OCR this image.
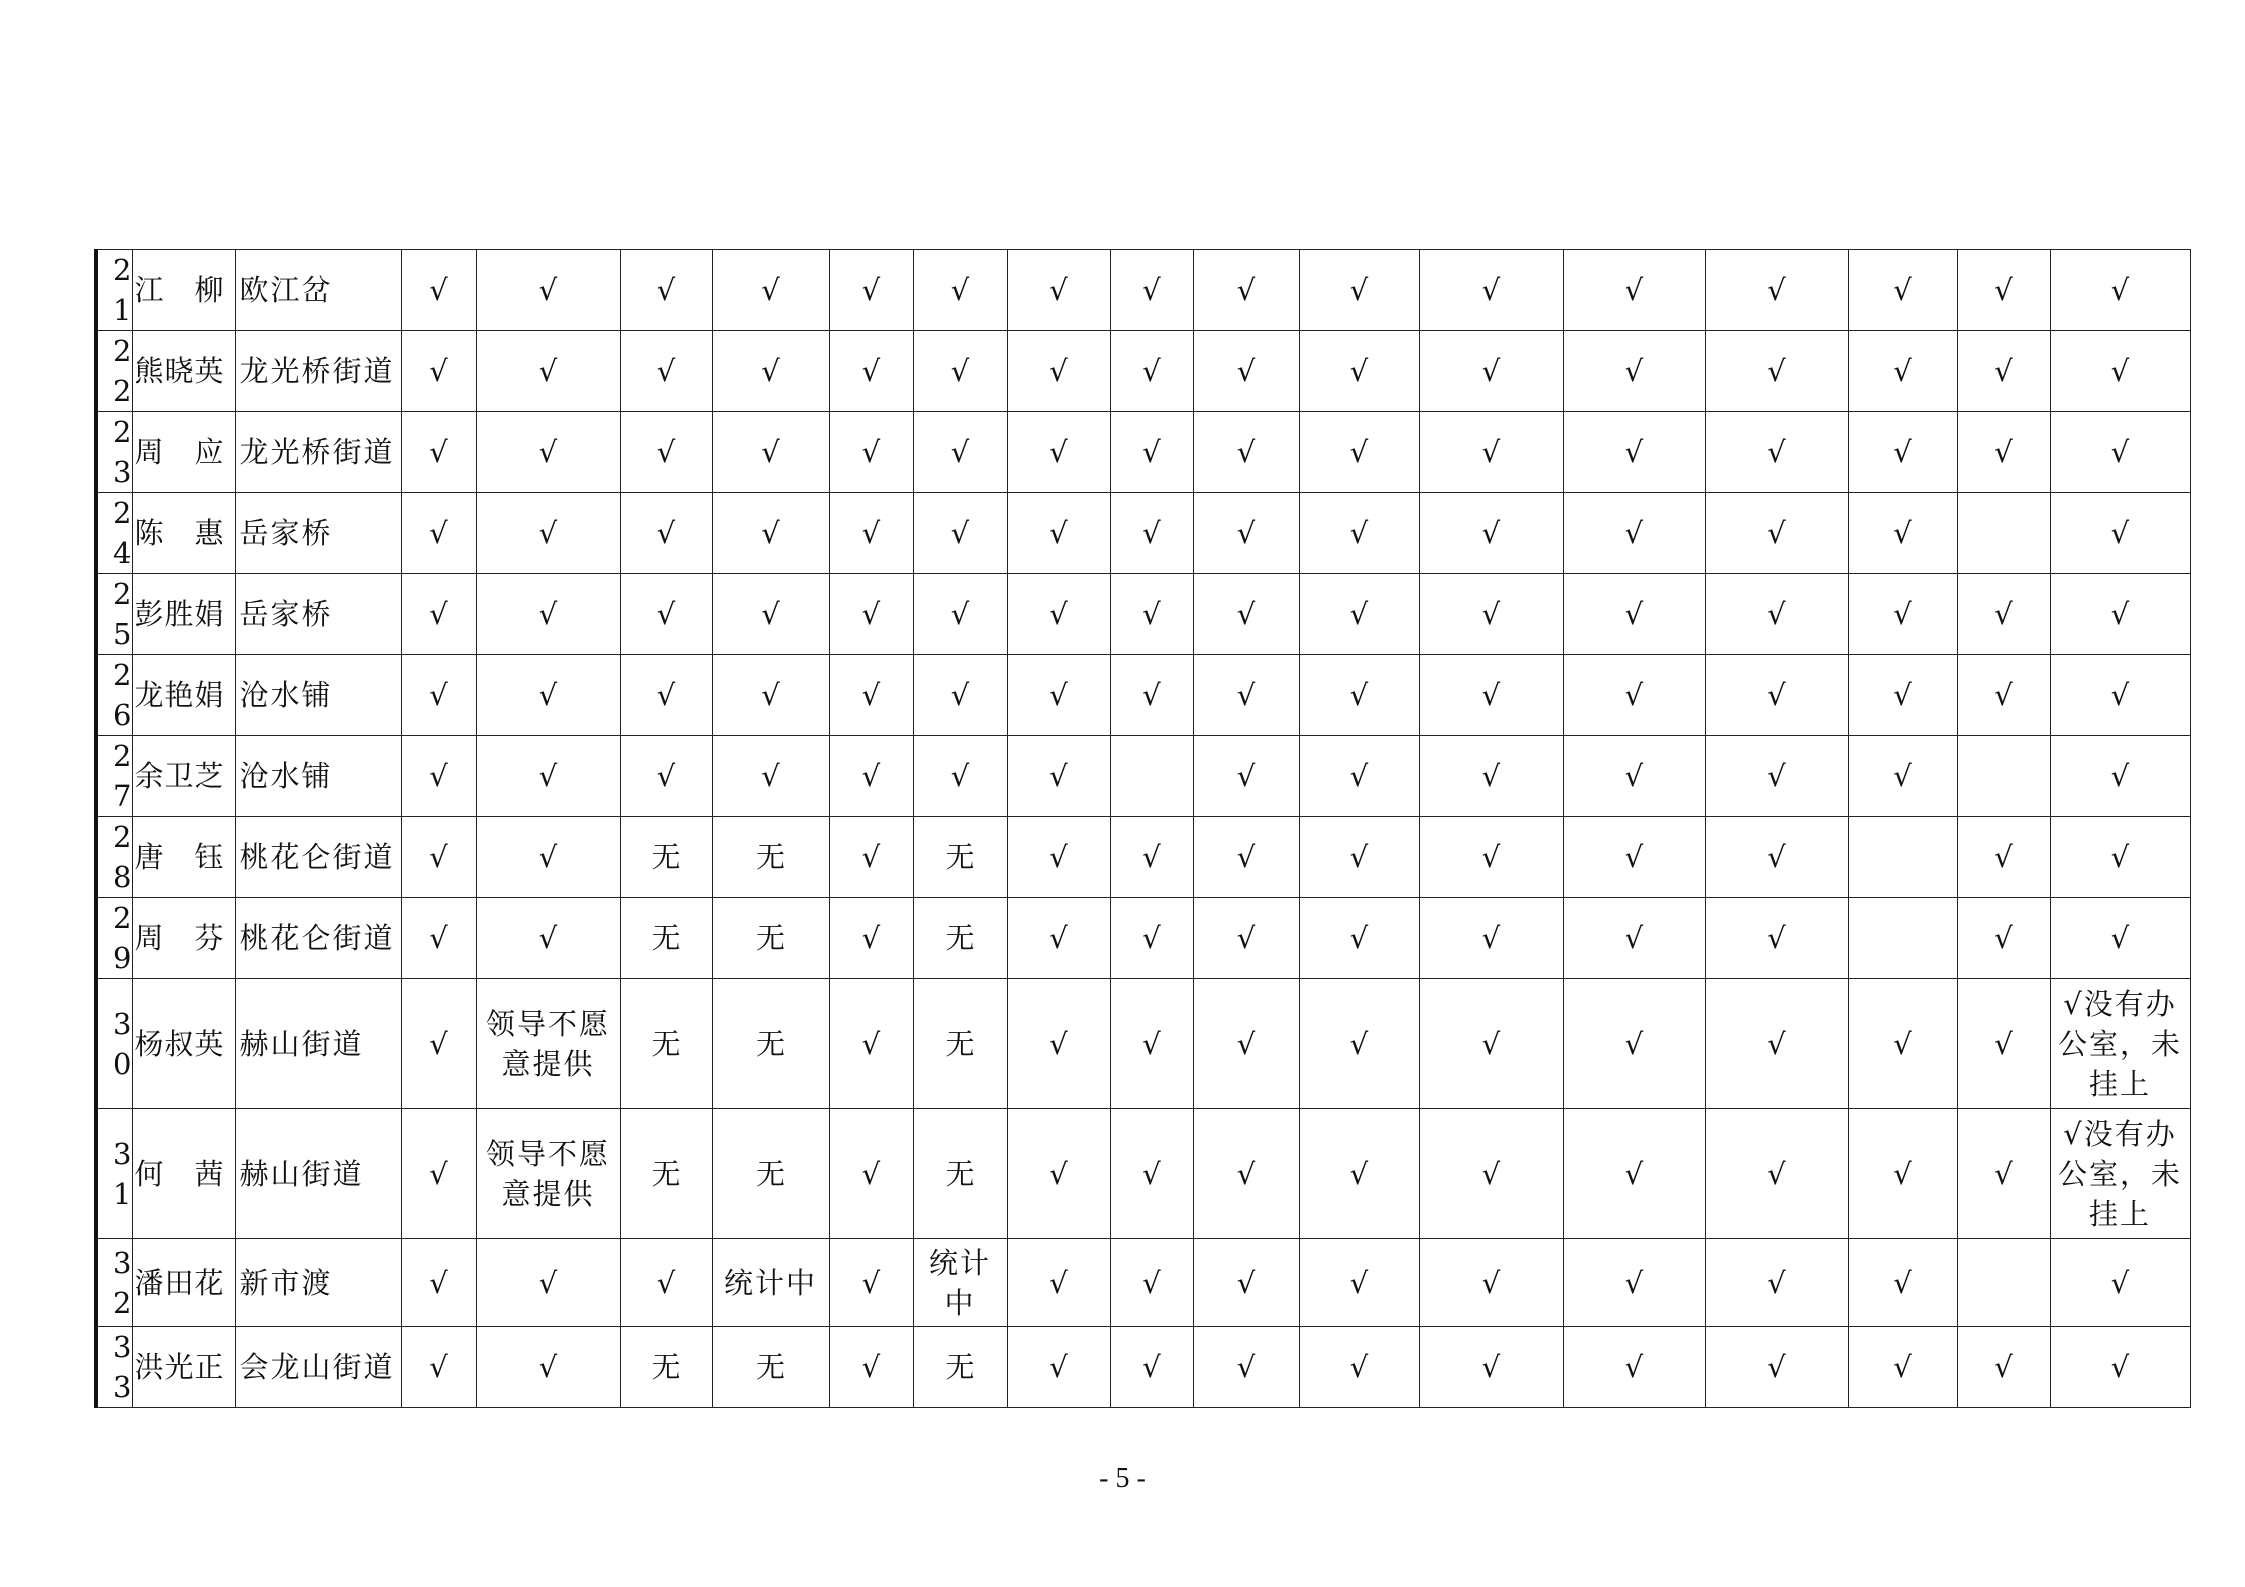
21	江　柳	欧江岔	√	√	√	√	√	√	√	√	√	√	√	√	√	√	√	√
22	熊晓英	龙光桥街道	√	√	√	√	√	√	√	√	√	√	√	√	√	√	√	√
23	周　应	龙光桥街道	√	√	√	√	√	√	√	√	√	√	√	√	√	√	√	√
24	陈　惠	岳家桥	√	√	√	√	√	√	√	√	√	√	√	√	√	√		√
25	彭胜娟	岳家桥	√	√	√	√	√	√	√	√	√	√	√	√	√	√	√	√
26	龙艳娟	沧水铺	√	√	√	√	√	√	√	√	√	√	√	√	√	√	√	√
27	余卫芝	沧水铺	√	√	√	√	√	√	√		√	√	√	√	√	√		√
28	唐　钰	桃花仑街道	√	√	无	无	√	无	√	√	√	√	√	√	√		√	√
29	周　芬	桃花仑街道	√	√	无	无	√	无	√	√	√	√	√	√	√		√	√
30	杨叔英	赫山街道	√	领导不愿意提供	无	无	√	无	√	√	√	√	√	√	√	√	√	√没有办公室，未挂上
31	何　茜	赫山街道	√	领导不愿意提供	无	无	√	无	√	√	√	√	√	√	√	√	√	√没有办公室，未挂上
32	潘田花	新市渡	√	√	√	统计中	√	统计中	√	√	√	√	√	√	√	√		√
33	洪光正	会龙山街道	√	√	无	无	√	无	√	√	√	√	√	√	√	√	√	√
- 5 -
